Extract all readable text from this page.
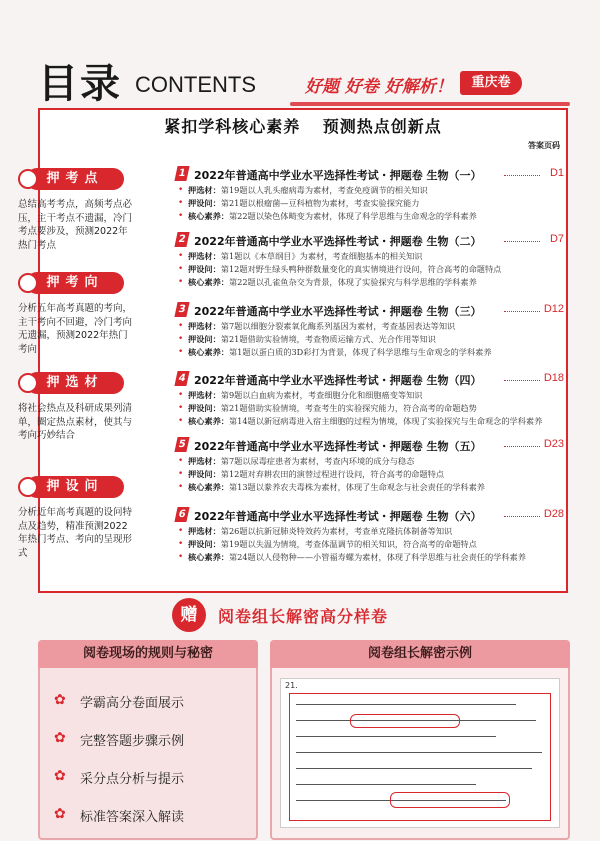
目录 CONTENTS	好题 好卷 好解析！	重庆卷
紧扣学科核心素养 预测热点创新点
答案页码
押考点
总结高考考点，高频考点必压，主干考点不遗漏，冷门考点要涉及，预测2022年热门考点
押考向
分析五年高考真题的考向，主干考向不回避，冷门考向无遗漏，预测2022年热门考向
押选材
将社会热点及科研成果列清单，圈定热点素材，使其与考向巧妙结合
押设问
分析近年高考真题的设问特点及趋势，精准预测2022年热门考点、考向的呈现形式
1 2022年普通高中学业水平选择性考试・押题卷 生物（一）	D1
• 押选材：第19题以人乳头瘤病毒为素材，考查免疫调节的相关知识
• 押设问：第21题以根瘤菌—豆科植物为素材，考查实验探究能力
• 核心素养：第22题以染色体畸变为素材，体现了科学思维与生命观念的学科素养
2 2022年普通高中学业水平选择性考试・押题卷 生物（二）	D7
• 押选材：第1题以《本草纲目》为素材，考查细胞基本的相关知识
• 押设问：第12题对野生绿头鸭种群数量变化的真实情境进行设问，符合高考的命题特点
• 核心素养：第22题以孔雀鱼杂交为背景，体现了实验探究与科学思维的学科素养
3 2022年普通高中学业水平选择性考试・押题卷 生物（三）	D12
• 押选材：第7题以细胞分裂素氧化酶系列基因为素材，考查基因表达等知识
• 押设问：第21题借助实验情境，考查物质运输方式、光合作用等知识
• 核心素养：第1题以蛋白质的3D彩打为背景，体现了科学思维与生命观念的学科素养
4 2022年普通高中学业水平选择性考试・押题卷 生物（四）	D18
• 押选材：第9题以白血病为素材，考查细胞分化和细胞癌变等知识
• 押设问：第21题借助实验情境，考查考生的实验探究能力，符合高考的命题趋势
• 核心素养：第14题以新冠病毒进入宿主细胞的过程为情境，体现了实验探究与生命观念的学科素养
5 2022年普通高中学业水平选择性考试・押题卷 生物（五）	D23
• 押选材：第7题以尿毒症患者为素材，考查内环境的成分与稳态
• 押设问：第12题对弃耕农田的演替过程进行设问，符合高考的命题特点
• 核心素养：第13题以豢养农夫毒株为素材，体现了生命观念与社会责任的学科素养
6 2022年普通高中学业水平选择性考试・押题卷 生物（六）	D28
• 押选材：第26题以抗新冠肺炎特效药为素材，考查单克隆抗体制备等知识
• 押设问：第19题以失温为情境，考查体温调节的相关知识，符合高考的命题特点
• 核心素养：第24题以人侵物种——小管福寿螺为素材，体现了科学思维与社会责任的学科素养
赠	阅卷组长解密高分样卷
阅卷现场的规则与秘密
✿ 学霸高分卷面展示
✿ 完整答题步骤示例
✿ 采分点分析与提示
✿ 标准答案深入解读
阅卷组长解密示例
21.
